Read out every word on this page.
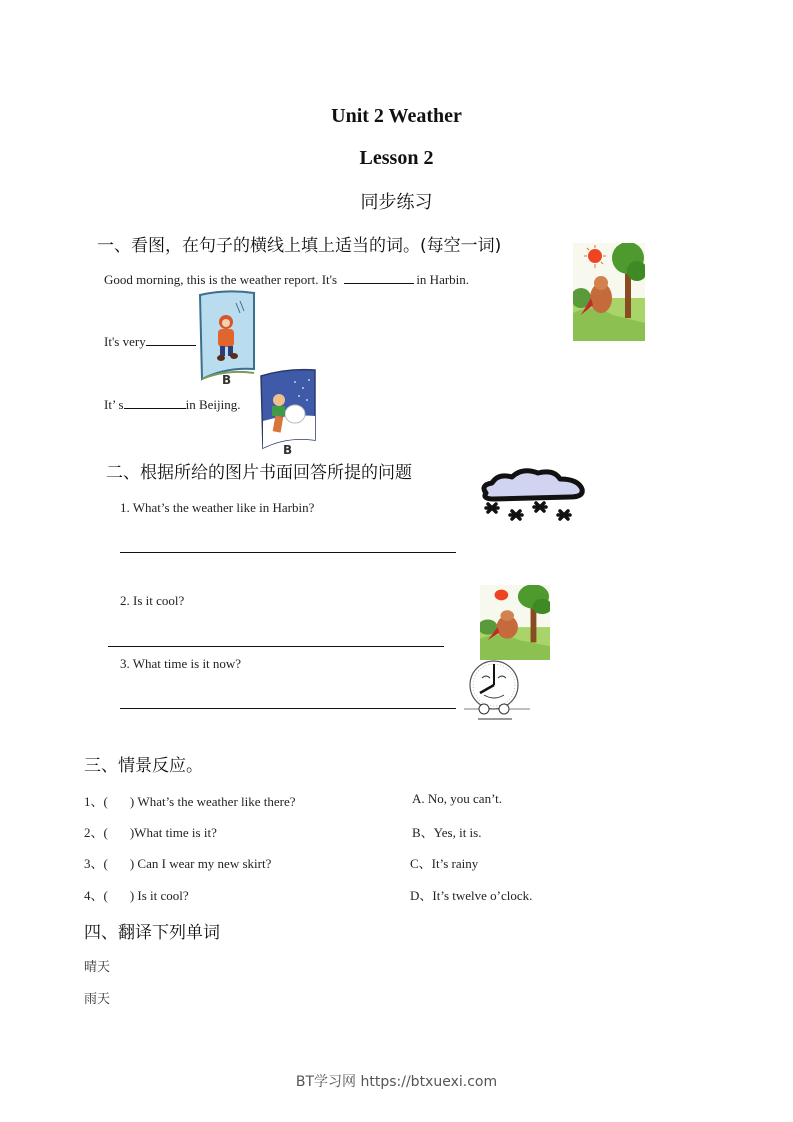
Unit 2 Weather
Lesson 2
同步练习
一、看图，在句子的横线上填上适当的词。(每空一词)
Good morning, this is the weather report. It's	in Harbin.
It's very
It’ s	in Beijing.
B
B
二、根据所给的图片书面回答所提的问题
1. What’s the weather like in Harbin?
2. Is it cool?
3. What time is it now?
三、情景反应。
1、( ) What’s the weather like there?	A. No, you can’t.
2、( )What time is it?	B、Yes, it is.
3、( ) Can I wear my new skirt?	C、It’s rainy
4、( ) Is it cool?	D、It’s twelve o’clock.
四、翻译下列单词
晴天
雨天
BT学习网 https://btxuexi.com
